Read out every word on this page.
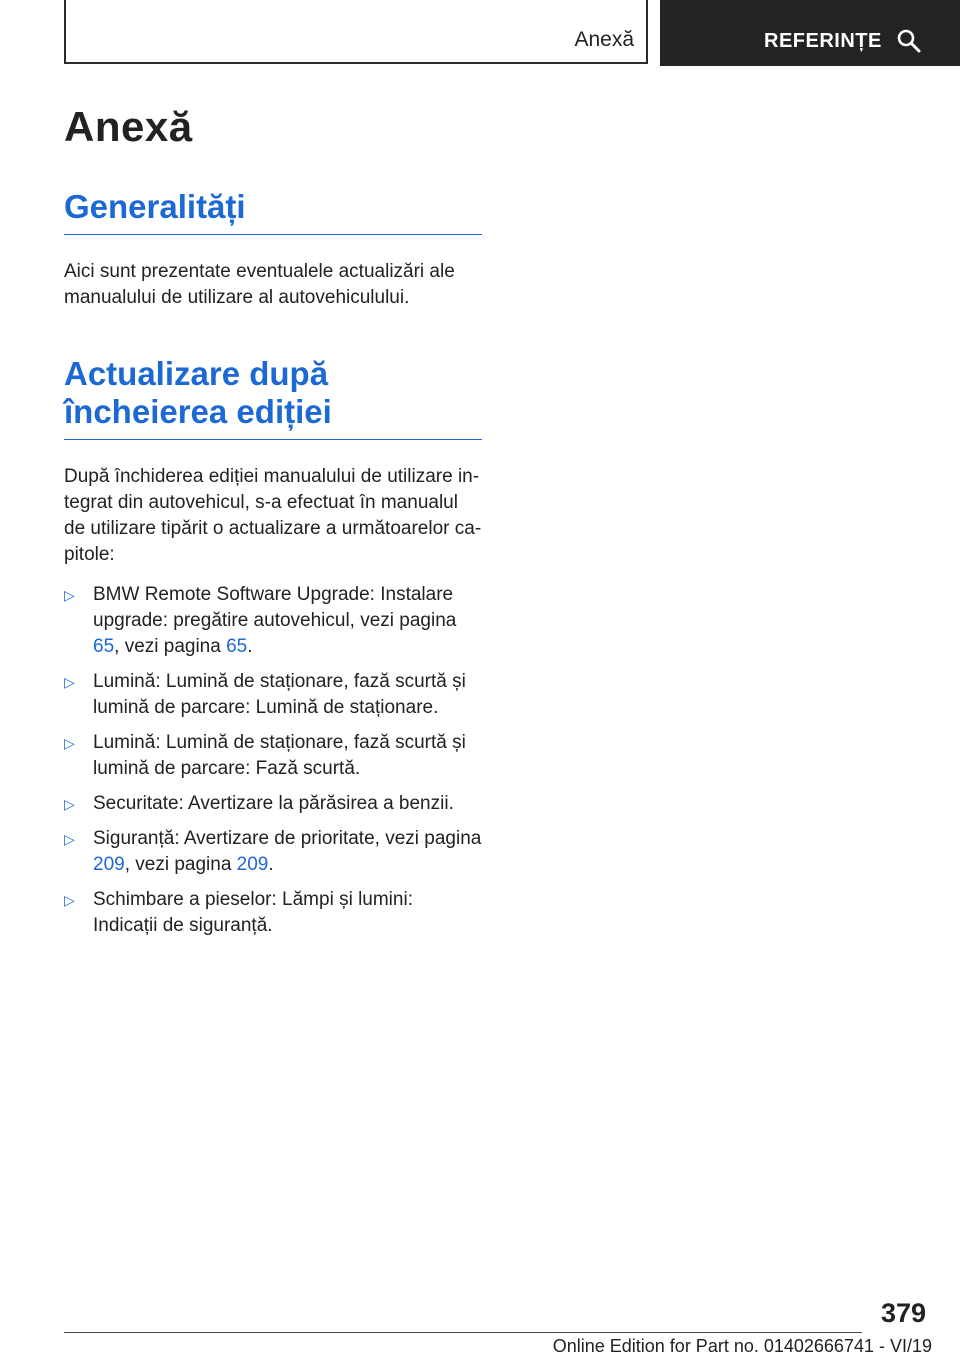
Anexă	REFERINȚE
Anexă
Generalități

Aici sunt prezentate eventualele actualizări ale manualului de utilizare al autovehiculului.

Actualizare după încheierea ediției

După închiderea ediției manualului de utilizare integrat din autovehicul, s-a efectuat în manualul de utilizare tipărit o actualizare a următoarelor capitole:

▷ BMW Remote Software Upgrade: Instalare upgrade: pregătire autovehicul, vezi pagina 65, vezi pagina 65.
▷ Lumină: Lumină de staționare, fază scurtă și lumină de parcare: Lumină de staționare.
▷ Lumină: Lumină de staționare, fază scurtă și lumină de parcare: Fază scurtă.
▷ Securitate: Avertizare la părăsirea a benzii.
▷ Siguranță: Avertizare de prioritate, vezi pagina 209, vezi pagina 209.
▷ Schimbare a pieselor: Lămpi și lumini: Indicații de siguranță.
379
Online Edition for Part no. 01402666741 - VI/19
